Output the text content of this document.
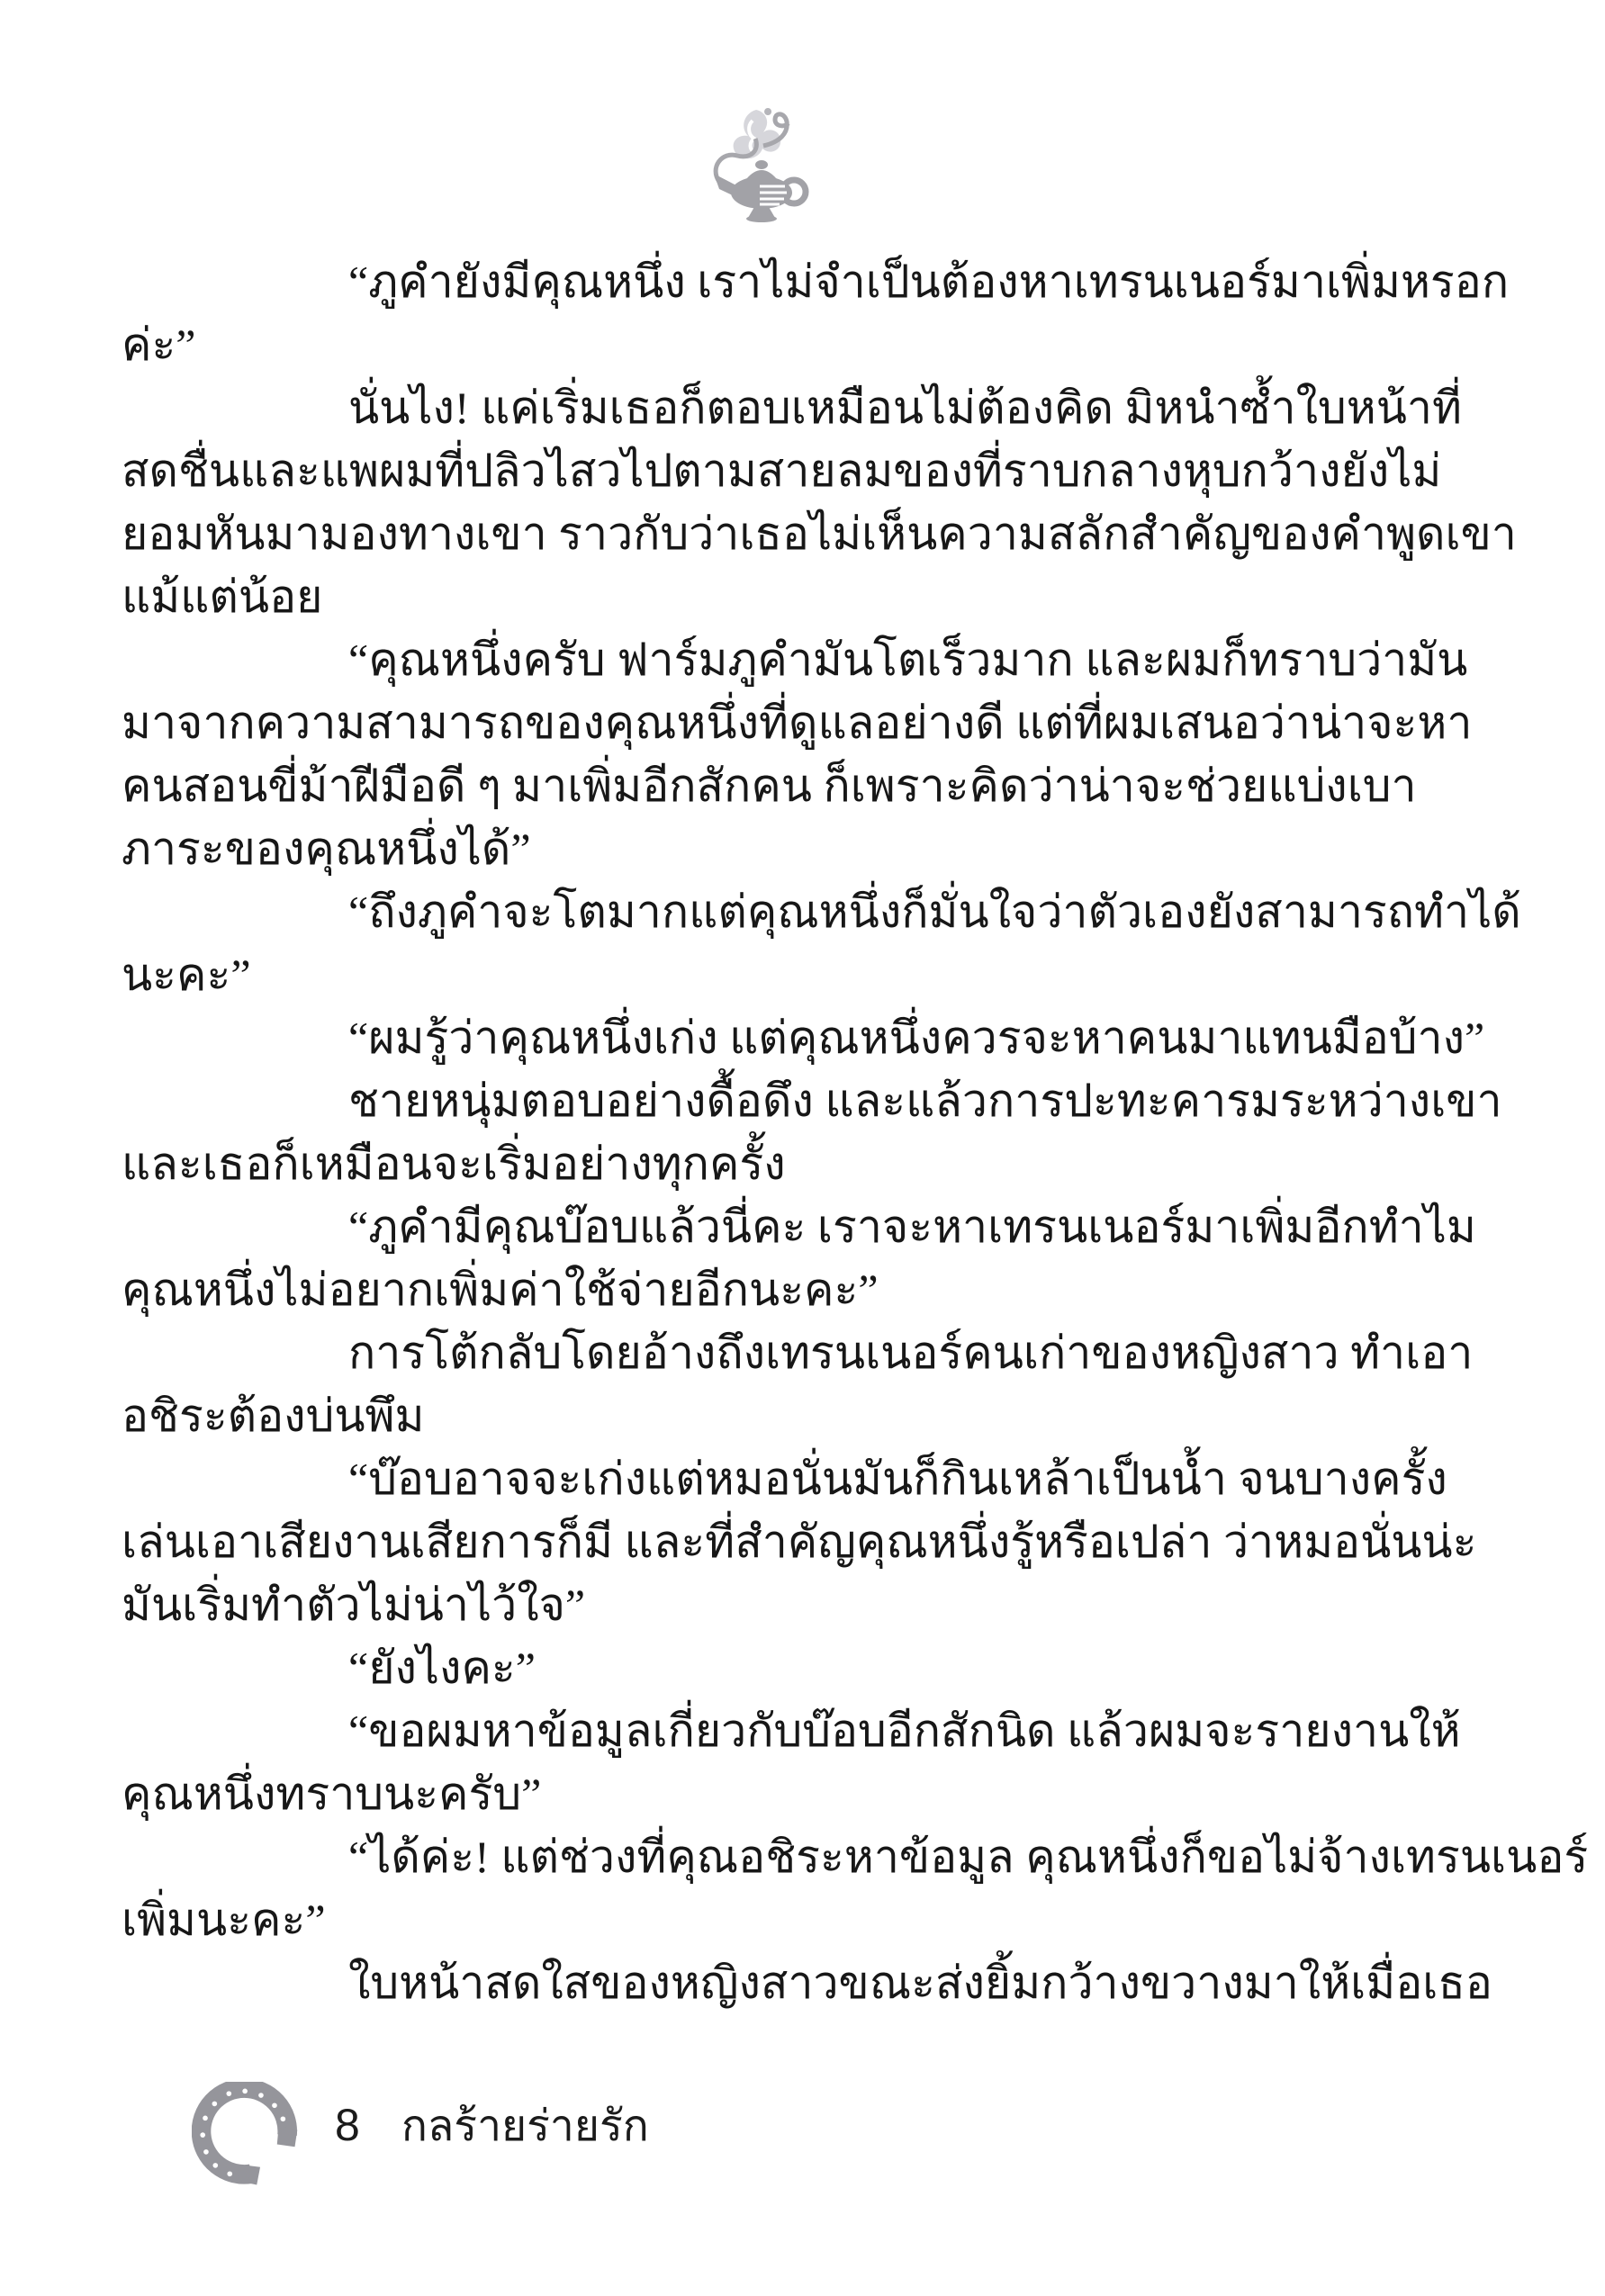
“ภูคำยังมีคุณหนึ่ง เราไม่จำเป็นต้องหาเทรนเนอร์มาเพิ่มหรอก
ค่ะ”
นั่นไง! แค่เริ่มเธอก็ตอบเหมือนไม่ต้องคิด มิหนำซ้ำใบหน้าที่
สดชื่นและแพผมที่ปลิวไสวไปตามสายลมของที่ราบกลางหุบกว้างยังไม่
ยอมหันมามองทางเขา ราวกับว่าเธอไม่เห็นความสลักสำคัญของคำพูดเขา
แม้แต่น้อย
“คุณหนึ่งครับ ฟาร์มภูคำมันโตเร็วมาก และผมก็ทราบว่ามัน
มาจากความสามารถของคุณหนึ่งที่ดูแลอย่างดี แต่ที่ผมเสนอว่าน่าจะหา
คนสอนขี่ม้าฝีมือดี ๆ มาเพิ่มอีกสักคน ก็เพราะคิดว่าน่าจะช่วยแบ่งเบา
ภาระของคุณหนึ่งได้”
“ถึงภูคำจะโตมากแต่คุณหนึ่งก็มั่นใจว่าตัวเองยังสามารถทำได้
นะคะ”
“ผมรู้ว่าคุณหนึ่งเก่ง แต่คุณหนึ่งควรจะหาคนมาแทนมือบ้าง”
ชายหนุ่มตอบอย่างดื้อดึง และแล้วการปะทะคารมระหว่างเขา
และเธอก็เหมือนจะเริ่มอย่างทุกครั้ง
“ภูคำมีคุณบ๊อบแล้วนี่คะ เราจะหาเทรนเนอร์มาเพิ่มอีกทำไม
คุณหนึ่งไม่อยากเพิ่มค่าใช้จ่ายอีกนะคะ”
การโต้กลับโดยอ้างถึงเทรนเนอร์คนเก่าของหญิงสาว ทำเอา
อชิระต้องบ่นพึม
“บ๊อบอาจจะเก่งแต่หมอนั่นมันก็กินเหล้าเป็นน้ำ จนบางครั้ง
เล่นเอาเสียงานเสียการก็มี และที่สำคัญคุณหนึ่งรู้หรือเปล่า ว่าหมอนั่นน่ะ
มันเริ่มทำตัวไม่น่าไว้ใจ”
“ยังไงคะ”
“ขอผมหาข้อมูลเกี่ยวกับบ๊อบอีกสักนิด แล้วผมจะรายงานให้
คุณหนึ่งทราบนะครับ”
“ได้ค่ะ! แต่ช่วงที่คุณอชิระหาข้อมูล คุณหนึ่งก็ขอไม่จ้างเทรนเนอร์
เพิ่มนะคะ”
ใบหน้าสดใสของหญิงสาวขณะส่งยิ้มกว้างขวางมาให้เมื่อเธอ
8 กลร้ายร่ายรัก
